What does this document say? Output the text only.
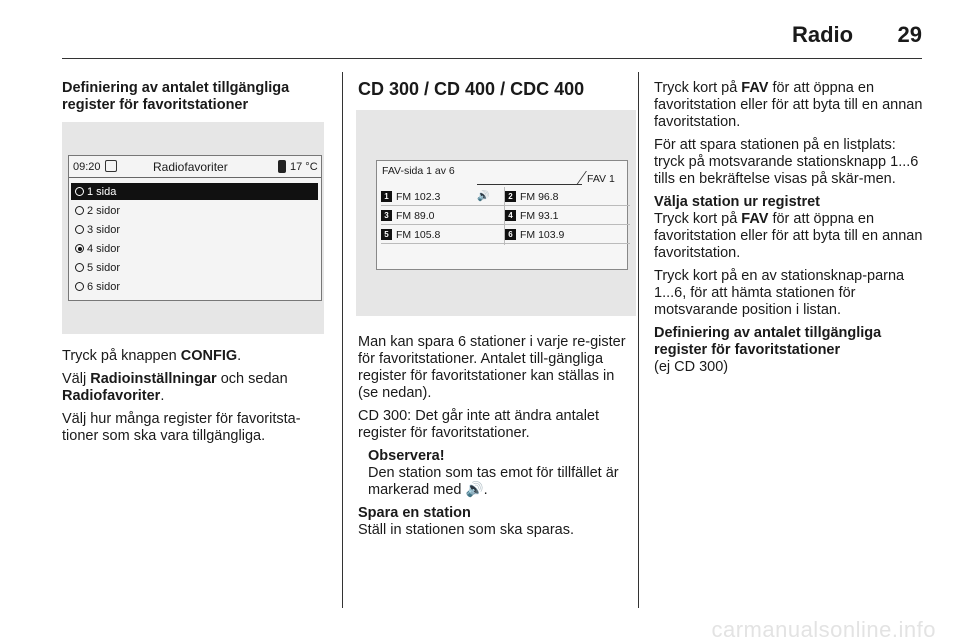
Radio	29
Definiering av antalet tillgängliga register för favoritstationer
09:20	Radiofavoriter	17 °C
1 sida
2 sidor
3 sidor
4 sidor
5 sidor
6 sidor

Tryck på knappen CONFIG.

Välj Radioinställningar och sedan Radiofavoriter.

Välj hur många register för favoritsta-tioner som ska vara tillgängliga.

CD 300 / CD 400 / CDC 400
FAV-sida 1 av 6
FAV 1
1 FM 102.3	🔊	2 FM 96.8
3 FM 89.0	4 FM 93.1
5 FM 105.8	6 FM 103.9

Man kan spara 6 stationer i varje re-gister för favoritstationer. Antalet till-gängliga register för favoritstationer kan ställas in (se nedan).

CD 300: Det går inte att ändra antalet register för favoritstationer.

Observera!
Den station som tas emot för tillfället är markerad med 🔊.
Spara en station

Ställ in stationen som ska sparas.

Tryck kort på FAV för att öppna en favoritstation eller för att byta till en annan favoritstation.

För att spara stationen på en listplats: tryck på motsvarande stationsknapp 1...6 tills en bekräftelse visas på skär-men.

Välja station ur registret

Tryck kort på FAV för att öppna en favoritstation eller för att byta till en annan favoritstation.

Tryck kort på en av stationsknap-parna 1...6, för att hämta stationen för motsvarande position i listan.

Definiering av antalet tillgängliga register för favoritstationer

(ej CD 300)

carmanualsonline.info
